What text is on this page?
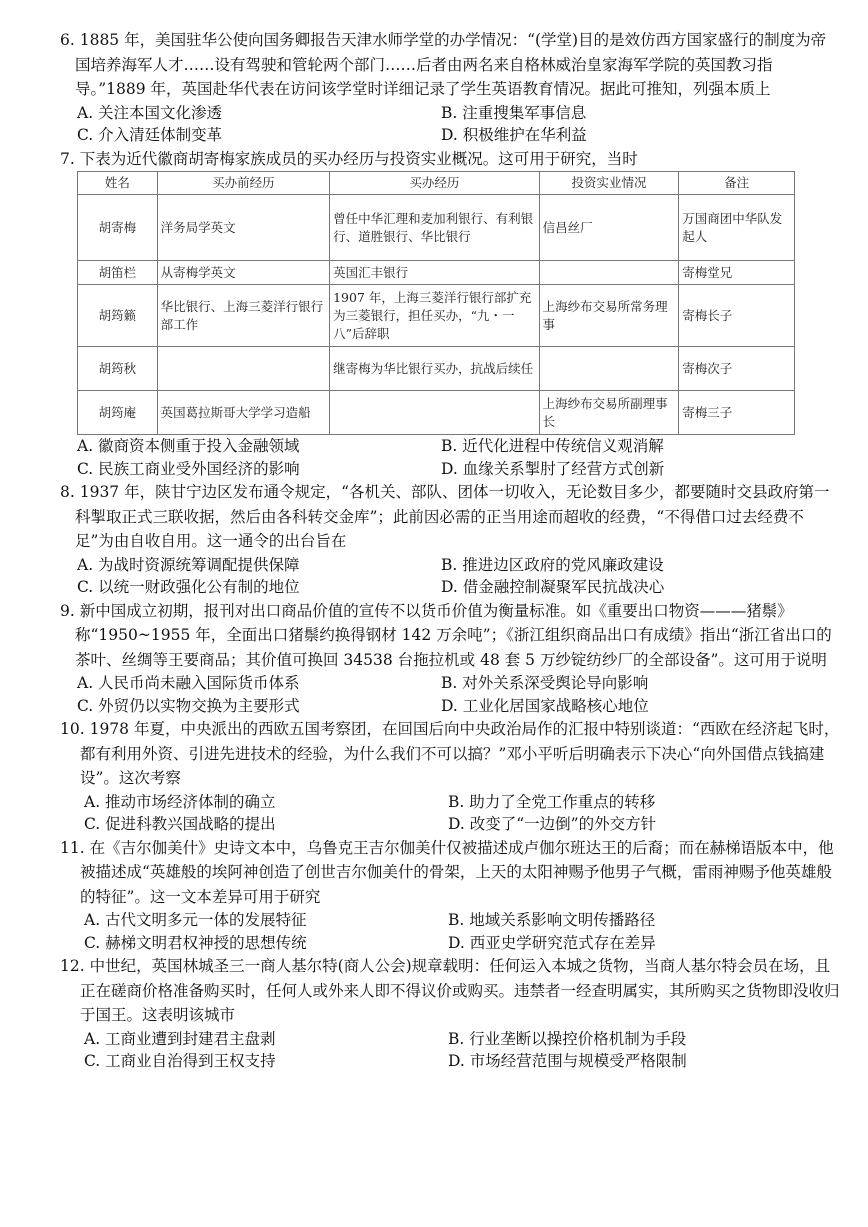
6. 1885 年，美国驻华公使向国务卿报告天津水师学堂的办学情况：“(学堂)目的是效仿西方国家盛行的制度为帝国培养海军人才……设有驾驶和管轮两个部门……后者由两名来自格林威治皇家海军学院的英国教习指导。”1889 年，英国赴华代表在访问该学堂时详细记录了学生英语教育情况。据此可推知，列强本质上
A. 关注本国文化渗透	B. 注重搜集军事信息
C. 介入清廷体制变革	D. 积极维护在华利益
7. 下表为近代徽商胡寄梅家族成员的买办经历与投资实业概况。这可用于研究，当时
姓名	买办前经历	买办经历	投资实业情况	备注
胡寄梅	洋务局学英文	曾任中华汇理和麦加利银行、有利银行、道胜银行、华比银行	信昌丝厂	万国商团中华队发起人
胡笛栏	从寄梅学英文	英国汇丰银行		寄梅堂兄
胡筠籁	华比银行、上海三菱洋行银行部工作	1907 年，上海三菱洋行银行部扩充为三菱银行，担任买办，“九・一八”后辞职	上海纱布交易所常务理事	寄梅长子
胡筠秋		继寄梅为华比银行买办，抗战后续任		寄梅次子
胡筠庵	英国葛拉斯哥大学学习造船		上海纱布交易所副理事长	寄梅三子
A. 徽商资本侧重于投入金融领域	B. 近代化进程中传统信义观消解
C. 民族工商业受外国经济的影响	D. 血缘关系掣肘了经营方式创新
8. 1937 年，陕甘宁边区发布通令规定，“各机关、部队、团体一切收入，无论数目多少，都要随时交县政府第一科掣取正式三联收据，然后由各科转交金库”；此前因必需的正当用途而超收的经费，“不得借口过去经费不足”为由自收自用。这一通令的出台旨在
A. 为战时资源统筹调配提供保障	B. 推进边区政府的党风廉政建设
C. 以统一财政强化公有制的地位	D. 借金融控制凝聚军民抗战决心
9. 新中国成立初期，报刊对出口商品价值的宣传不以货币价值为衡量标准。如《重要出口物资———猪鬃》称“1950~1955 年，全面出口猪鬃约换得钢材 142 万余吨”；《浙江组织商品出口有成绩》指出“浙江省出口的茶叶、丝绸等王要商品；其价值可换回 34538 台拖拉机或 48 套 5 万纱锭纺纱厂的全部设备”。这可用于说明
A. 人民币尚未融入国际货币体系	B. 对外关系深受舆论导向影响
C. 外贸仍以实物交换为主要形式	D. 工业化居国家战略核心地位
10. 1978 年夏，中央派出的西欧五国考察团，在回国后向中央政治局作的汇报中特别谈道：“西欧在经济起飞时，都有利用外资、引进先进技术的经验，为什么我们不可以搞？”邓小平听后明确表示下决心“向外国借点钱搞建设”。这次考察
A. 推动市场经济体制的确立	B. 助力了全党工作重点的转移
C. 促进科教兴国战略的提出	D. 改变了“一边倒”的外交方针
11. 在《吉尔伽美什》史诗文本中，乌鲁克王吉尔伽美什仅被描述成卢伽尔班达王的后裔；而在赫梯语版本中，他被描述成“英雄般的埃阿神创造了创世吉尔伽美什的骨架，上天的太阳神赐予他男子气概，雷雨神赐予他英雄般的特征”。这一文本差异可用于研究
A. 古代文明多元一体的发展特征	B. 地域关系影响文明传播路径
C. 赫梯文明君权神授的思想传统	D. 西亚史学研究范式存在差异
12. 中世纪，英国林城圣三一商人基尔特(商人公会)规章载明：任何运入本城之货物，当商人基尔特会员在场，且正在磋商价格准备购买时，任何人或外来人即不得议价或购买。违禁者一经查明属实，其所购买之货物即没收归于国王。这表明该城市
A. 工商业遭到封建君主盘剥	B. 行业垄断以操控价格机制为手段
C. 工商业自治得到王权支持	D. 市场经营范围与规模受严格限制
